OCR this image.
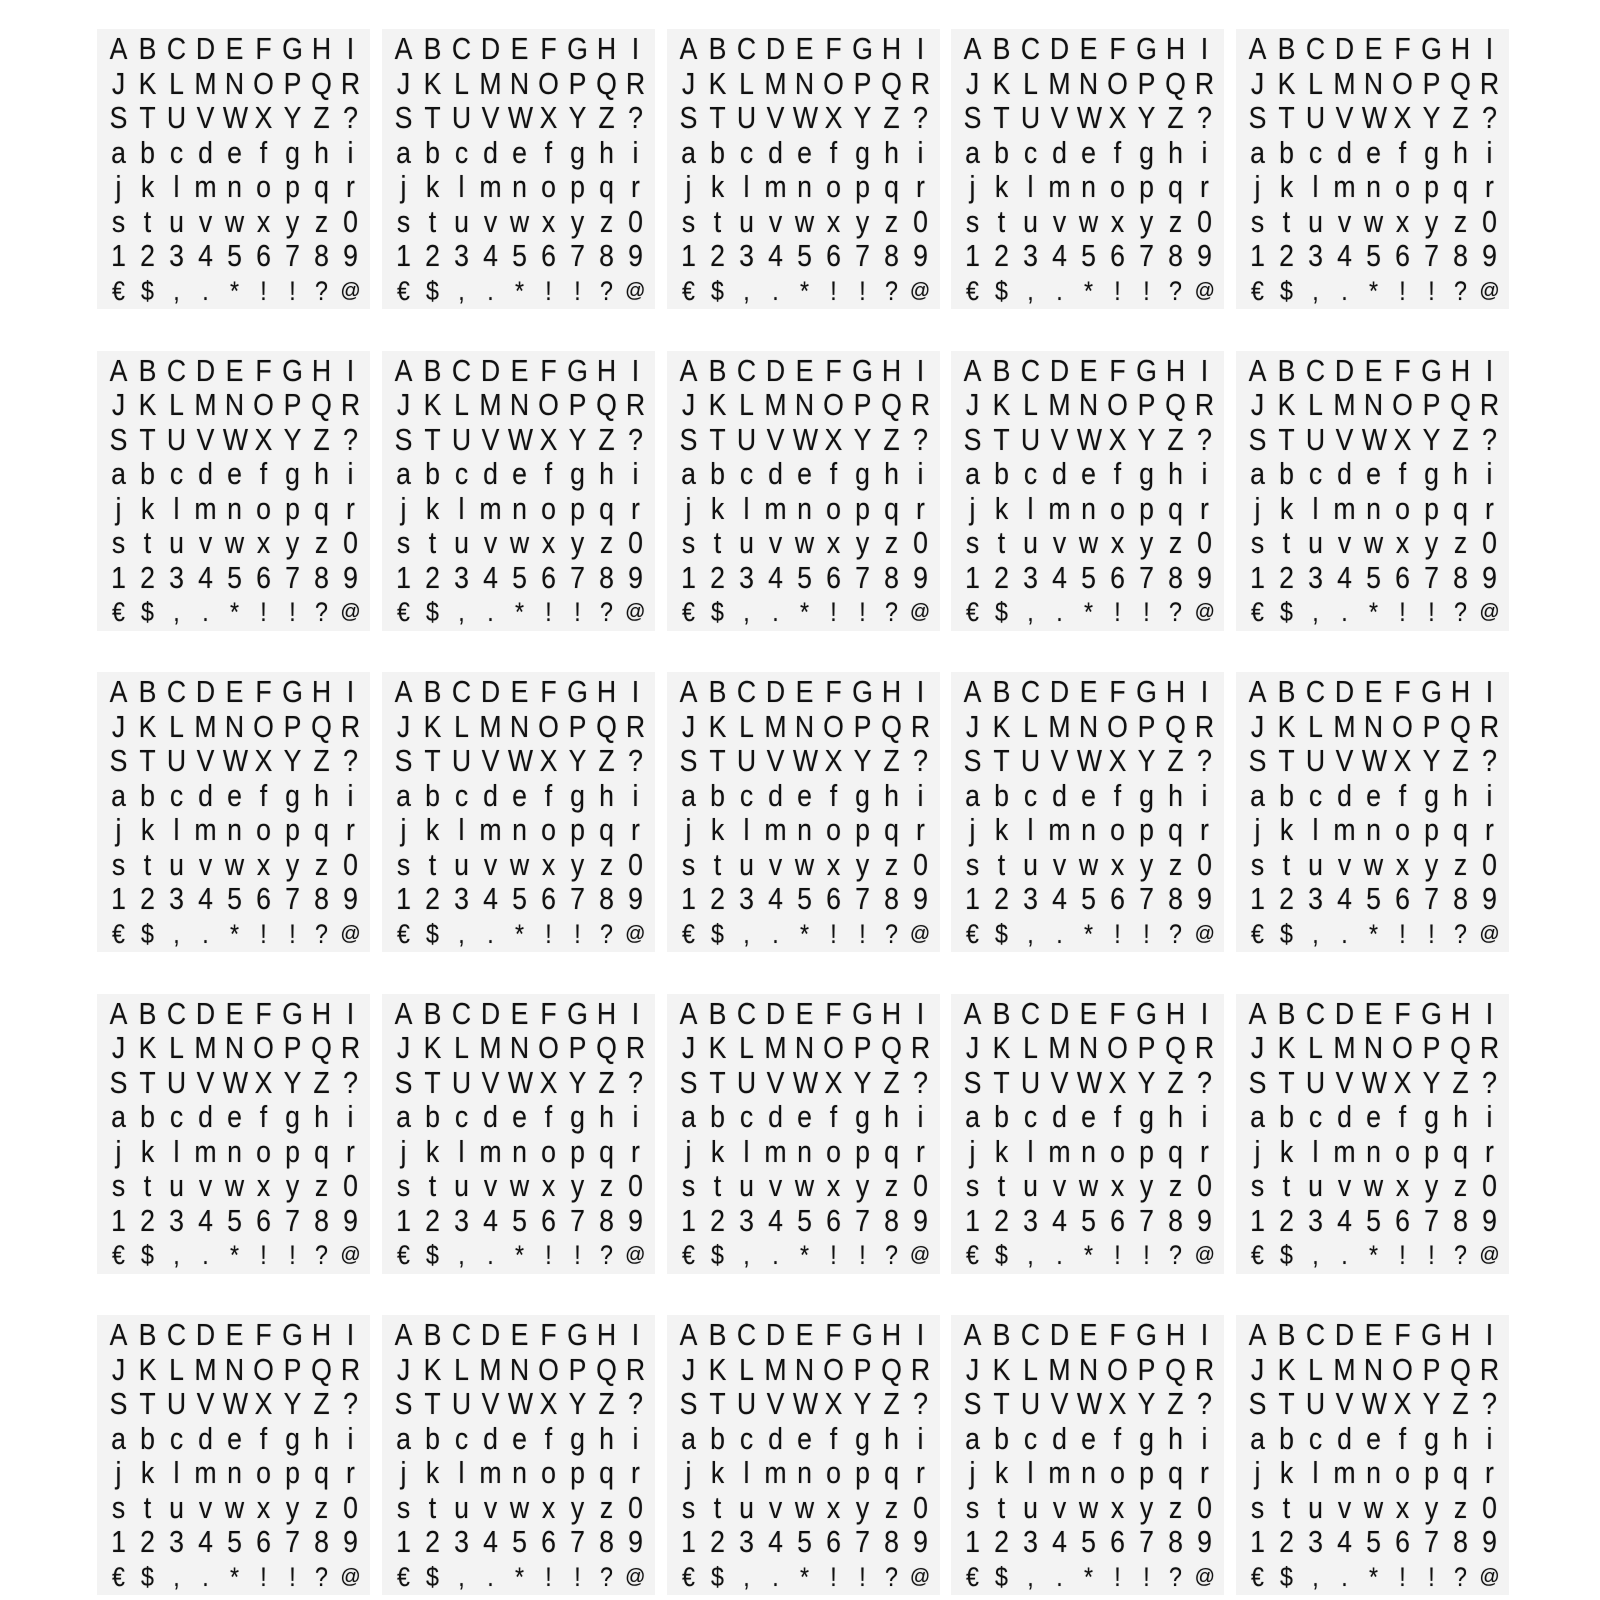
A B C D E F G H I
J K L M N O P Q R
S T U V W X Y Z ?
a b c d e f g h i
j k l m n o p q r
s t u v w x y z 0
1 2 3 4 5 6 7 8 9
€ $ , . * ! ! ? @
A B C D E F G H I
J K L M N O P Q R
S T U V W X Y Z ?
a b c d e f g h i
j k l m n o p q r
s t u v w x y z 0
1 2 3 4 5 6 7 8 9
€ $ , . * ! ! ? @
A B C D E F G H I
J K L M N O P Q R
S T U V W X Y Z ?
a b c d e f g h i
j k l m n o p q r
s t u v w x y z 0
1 2 3 4 5 6 7 8 9
€ $ , . * ! ! ? @
A B C D E F G H I
J K L M N O P Q R
S T U V W X Y Z ?
a b c d e f g h i
j k l m n o p q r
s t u v w x y z 0
1 2 3 4 5 6 7 8 9
€ $ , . * ! ! ? @
A B C D E F G H I
J K L M N O P Q R
S T U V W X Y Z ?
a b c d e f g h i
j k l m n o p q r
s t u v w x y z 0
1 2 3 4 5 6 7 8 9
€ $ , . * ! ! ? @
A B C D E F G H I
J K L M N O P Q R
S T U V W X Y Z ?
a b c d e f g h i
j k l m n o p q r
s t u v w x y z 0
1 2 3 4 5 6 7 8 9
€ $ , . * ! ! ? @
A B C D E F G H I
J K L M N O P Q R
S T U V W X Y Z ?
a b c d e f g h i
j k l m n o p q r
s t u v w x y z 0
1 2 3 4 5 6 7 8 9
€ $ , . * ! ! ? @
A B C D E F G H I
J K L M N O P Q R
S T U V W X Y Z ?
a b c d e f g h i
j k l m n o p q r
s t u v w x y z 0
1 2 3 4 5 6 7 8 9
€ $ , . * ! ! ? @
A B C D E F G H I
J K L M N O P Q R
S T U V W X Y Z ?
a b c d e f g h i
j k l m n o p q r
s t u v w x y z 0
1 2 3 4 5 6 7 8 9
€ $ , . * ! ! ? @
A B C D E F G H I
J K L M N O P Q R
S T U V W X Y Z ?
a b c d e f g h i
j k l m n o p q r
s t u v w x y z 0
1 2 3 4 5 6 7 8 9
€ $ , . * ! ! ? @
A B C D E F G H I
J K L M N O P Q R
S T U V W X Y Z ?
a b c d e f g h i
j k l m n o p q r
s t u v w x y z 0
1 2 3 4 5 6 7 8 9
€ $ , . * ! ! ? @
A B C D E F G H I
J K L M N O P Q R
S T U V W X Y Z ?
a b c d e f g h i
j k l m n o p q r
s t u v w x y z 0
1 2 3 4 5 6 7 8 9
€ $ , . * ! ! ? @
A B C D E F G H I
J K L M N O P Q R
S T U V W X Y Z ?
a b c d e f g h i
j k l m n o p q r
s t u v w x y z 0
1 2 3 4 5 6 7 8 9
€ $ , . * ! ! ? @
A B C D E F G H I
J K L M N O P Q R
S T U V W X Y Z ?
a b c d e f g h i
j k l m n o p q r
s t u v w x y z 0
1 2 3 4 5 6 7 8 9
€ $ , . * ! ! ? @
A B C D E F G H I
J K L M N O P Q R
S T U V W X Y Z ?
a b c d e f g h i
j k l m n o p q r
s t u v w x y z 0
1 2 3 4 5 6 7 8 9
€ $ , . * ! ! ? @
A B C D E F G H I
J K L M N O P Q R
S T U V W X Y Z ?
a b c d e f g h i
j k l m n o p q r
s t u v w x y z 0
1 2 3 4 5 6 7 8 9
€ $ , . * ! ! ? @
A B C D E F G H I
J K L M N O P Q R
S T U V W X Y Z ?
a b c d e f g h i
j k l m n o p q r
s t u v w x y z 0
1 2 3 4 5 6 7 8 9
€ $ , . * ! ! ? @
A B C D E F G H I
J K L M N O P Q R
S T U V W X Y Z ?
a b c d e f g h i
j k l m n o p q r
s t u v w x y z 0
1 2 3 4 5 6 7 8 9
€ $ , . * ! ! ? @
A B C D E F G H I
J K L M N O P Q R
S T U V W X Y Z ?
a b c d e f g h i
j k l m n o p q r
s t u v w x y z 0
1 2 3 4 5 6 7 8 9
€ $ , . * ! ! ? @
A B C D E F G H I
J K L M N O P Q R
S T U V W X Y Z ?
a b c d e f g h i
j k l m n o p q r
s t u v w x y z 0
1 2 3 4 5 6 7 8 9
€ $ , . * ! ! ? @
A B C D E F G H I
J K L M N O P Q R
S T U V W X Y Z ?
a b c d e f g h i
j k l m n o p q r
s t u v w x y z 0
1 2 3 4 5 6 7 8 9
€ $ , . * ! ! ? @
A B C D E F G H I
J K L M N O P Q R
S T U V W X Y Z ?
a b c d e f g h i
j k l m n o p q r
s t u v w x y z 0
1 2 3 4 5 6 7 8 9
€ $ , . * ! ! ? @
A B C D E F G H I
J K L M N O P Q R
S T U V W X Y Z ?
a b c d e f g h i
j k l m n o p q r
s t u v w x y z 0
1 2 3 4 5 6 7 8 9
€ $ , . * ! ! ? @
A B C D E F G H I
J K L M N O P Q R
S T U V W X Y Z ?
a b c d e f g h i
j k l m n o p q r
s t u v w x y z 0
1 2 3 4 5 6 7 8 9
€ $ , . * ! ! ? @
A B C D E F G H I
J K L M N O P Q R
S T U V W X Y Z ?
a b c d e f g h i
j k l m n o p q r
s t u v w x y z 0
1 2 3 4 5 6 7 8 9
€ $ , . * ! ! ? @
